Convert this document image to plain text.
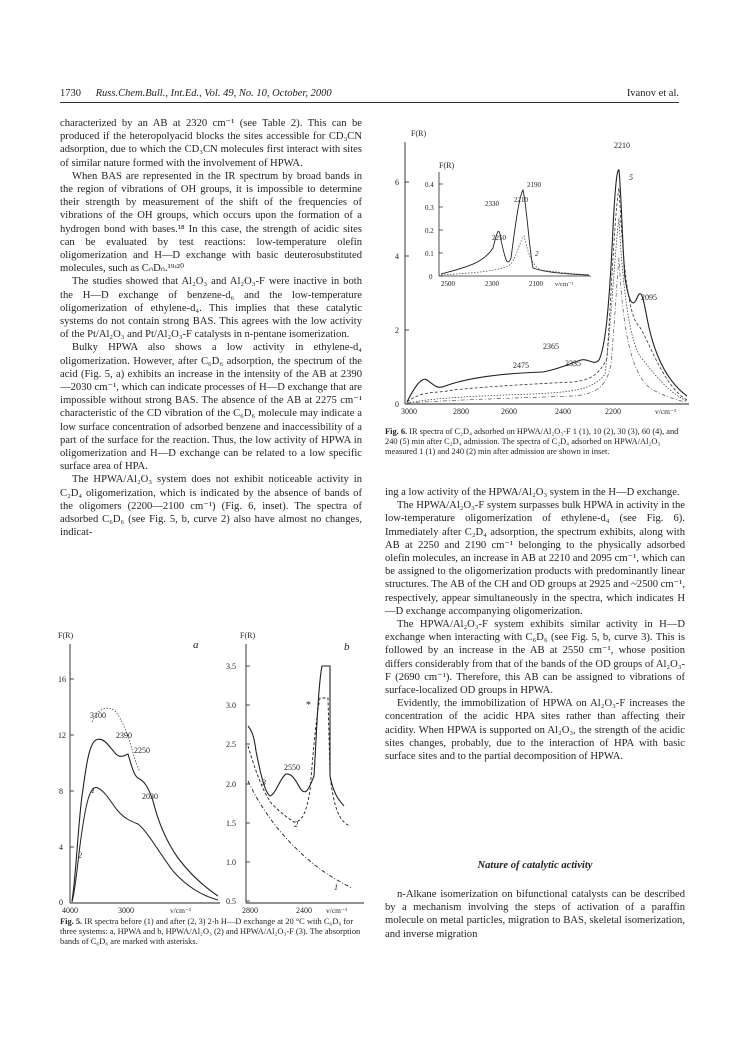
1730 Russ.Chem.Bull., Int.Ed., Vol. 49, No. 10, October, 2000	Ivanov et al.

characterized by an AB at 2320 cm⁻¹ (see Table 2). This can be produced if the heteropolyacid blocks the sites accessible for CD₃CN adsorption, due to which the CD₃CN molecules first interact with sites of similar nature formed with the involvement of HPWA.

When BAS are represented in the IR spectrum by broad bands in the region of vibrations of OH groups, it is impossible to determine their strength by measurement of the shift of the frequencies of vibrations of the OH groups, which occurs upon the formation of a hydrogen bond with bases.¹⁸ In this case, the strength of acidic sites can be evaluated by test reactions: low-temperature olefin oligomerization and H—D exchange with basic deuterosubstituted molecules, such as CₙDₙ.¹⁹ʴ²⁰

The studies showed that Al₂O₃ and Al₂O₃-F were inactive in both the H—D exchange of benzene-d₆ and the low-temperature oligomerization of ethylene-d₄. This implies that these catalytic systems do not contain strong BAS. This agrees with the low activity of the Pt/Al₂O₃ and Pt/Al₂O₃-F catalysts in n-pentane isomerization.

Bulky HPWA also shows a low activity in ethylene-d₄ oligomerization. However, after C₆D₆ adsorption, the spectrum of the acid (Fig. 5, a) exhibits an increase in the intensity of the AB at 2390—2030 cm⁻¹, which can indicate processes of H—D exchange that are impossible without strong BAS. The absence of the AB at 2275 cm⁻¹ characteristic of the CD vibration of the C₆D₆ molecule may indicate a low surface concentration of adsorbed benzene and inaccessibility of a part of the surface for the reaction. Thus, the low activity of HPWA in oligomerization and H—D exchange can be related to a low specific surface area of HPA.

The HPWA/Al₂O₃ system does not exhibit noticeable activity in C₂D₄ oligomerization, which is indicated by the absence of bands of the oligomers (2200—2100 cm⁻¹) (Fig. 6, inset). The spectra of adsorbed C₆D₆ (see Fig. 5, b, curve 2) also have almost no changes, indicat-

F(R)
a
0
4
8
12
16
4000	3000	v/cm⁻¹
3100
2390
2250
2030
1
2
F(R)
b
0.5
1.0
1.5
2.0
2.5
3.0
3.5
2800	2400 v/cm⁻¹
2550
3
2
1
*
Fig. 5. IR spectra before (1) and after (2, 3) 2-h H—D exchange at 20 °C with C₆D₆ for three systems: a, HPWA and b, HPWA/Al₂O₃ (2) and HPWA/Al₂O₃-F (3). The absorption bands of C₆D₆ are marked with asterisks.
F(R)
0
2
4
6
3000	2800	2600	2400	2200	v/cm⁻¹
2210
2095
2475
2365
2335
5
F(R)
0
0.1
0.2
0.3
0.4
2500	2300	2100 v/cm⁻¹
2330
2250
2210
2190
2
Fig. 6. IR spectra of C₂D₄ adsorbed on HPWA/Al₂O₃-F 1 (1), 10 (2), 30 (3), 60 (4), and 240 (5) min after C₂D₄ admission. The spectra of C₂D₄ adsorbed on HPWA/Al₂O₃ measured 1 (1) and 240 (2) min after admission are shown in inset.

ing a low activity of the HPWA/Al₂O₃ system in the H—D exchange.

The HPWA/Al₂O₃-F system surpasses bulk HPWA in activity in the low-temperature oligomerization of ethylene-d₄ (see Fig. 6). Immediately after C₂D₄ adsorption, the spectrum exhibits, along with AB at 2250 and 2190 cm⁻¹ belonging to the physically adsorbed olefin molecules, an increase in AB at 2210 and 2095 cm⁻¹, which can be assigned to the oligomerization products with predominantly linear structures. The AB of the CH and OD groups at 2925 and ~2500 cm⁻¹, respectively, appear simultaneously in the spectra, which indicates H—D exchange accompanying oligomerization.

The HPWA/Al₂O₃-F system exhibits similar activity in H—D exchange when interacting with C₆D₆ (see Fig. 5, b, curve 3). This is followed by an increase in the AB at 2550 cm⁻¹, whose position differs considerably from that of the bands of the OD groups of Al₂O₃-F (2690 cm⁻¹). Therefore, this AB can be assigned to vibrations of surface-localized OD groups in HPWA.

Evidently, the immobilization of HPWA on Al₂O₃-F increases the concentration of the acidic HPA sites rather than affecting their acidity. When HPWA is supported on Al₂O₃, the strength of the acidic sites changes, probably, due to the interaction of HPA with basic surface sites and to the partial decomposition of HPWA.

Nature of catalytic activity

n-Alkane isomerization on bifunctional catalysts can be described by a mechanism involving the steps of activation of a paraffin molecule on metal particles, migration to BAS, skeletal isomerization, and inverse migration
